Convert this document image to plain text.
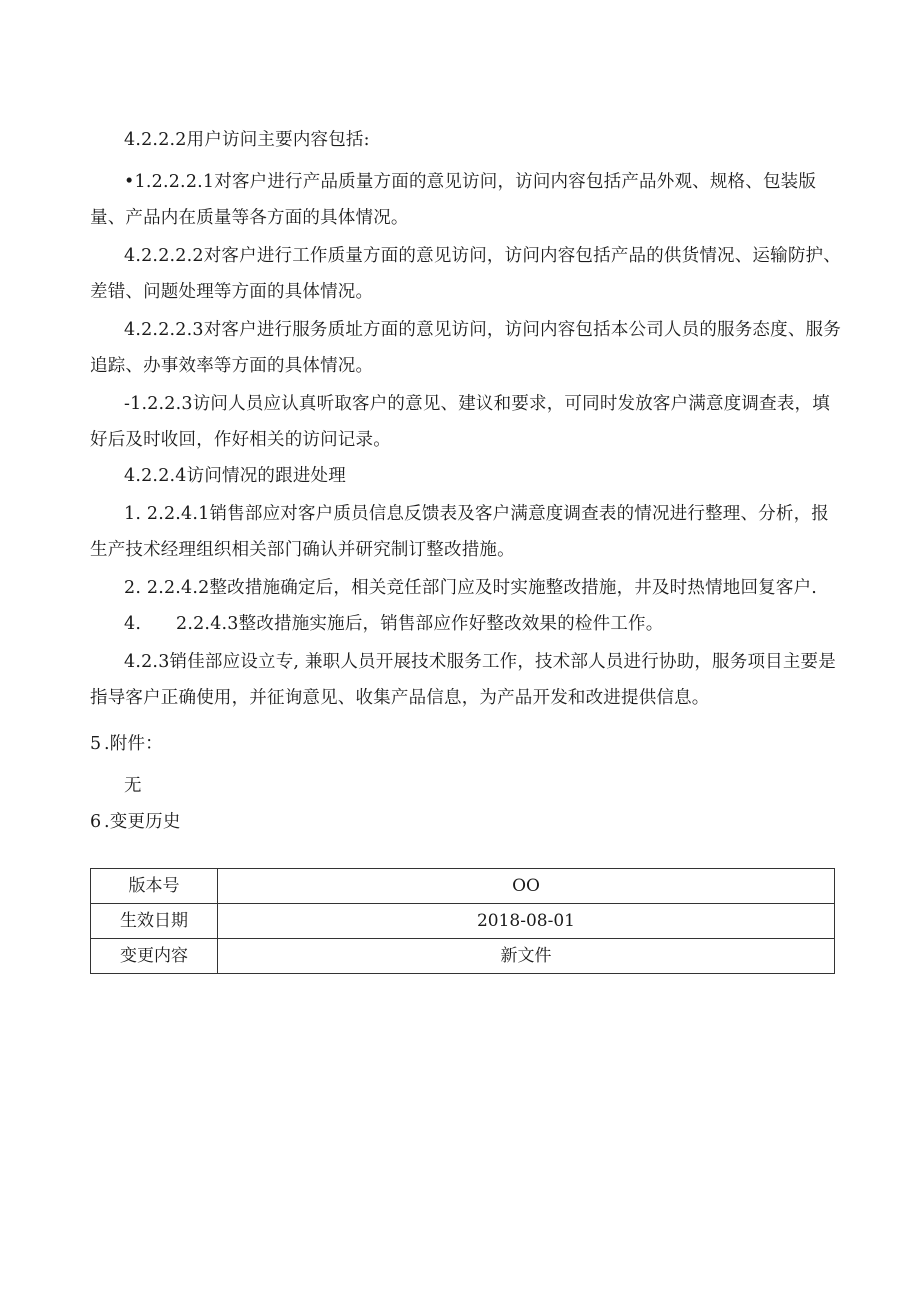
4.2.2.2用户访问主要内容包括:
•1.2.2.2.1对客户进行产品质量方面的意见访问，访问内容包括产品外观、规格、包装版
量、产品内在质量等各方面的具体情况。
4.2.2.2.2对客户进行工作质量方面的意见访问，访问内容包括产品的供货情况、运输防护、
差错、问题处理等方面的具体情况。
4.2.2.2.3对客户进行服务质址方面的意见访问，访问内容包括本公司人员的服务态度、服务
追踪、办事效率等方面的具体情况。
-1.2.2.3访问人员应认真听取客户的意见、建议和要求，可同时发放客户满意度调查表，填
好后及时收回，作好相关的访问记录。
4.2.2.4访问情况的跟进处理
1. 2.2.4.1销售部应对客户质员信息反馈表及客户满意度调查表的情况进行整理、分析，报
生产技术经理组织相关部门确认并研究制订整改措施。
2. 2.2.4.2整改措施确定后，相关竞任部门应及时实施整改措施，井及时热情地回复客户.
4. 2.2.4.3整改措施实施后，销售部应作好整改效果的检件工作。
4.2.3销佳部应设立专, 兼职人员开展技术服务工作，技术部人员进行协助，服务项目主要是
指导客户正确使用，并征询意见、收集产品信息，为产品开发和改进提供信息。
5 .附件：
无
6 .变更历史
版本号	OO
生效日期	2018-08-01
变更内容	新文件
